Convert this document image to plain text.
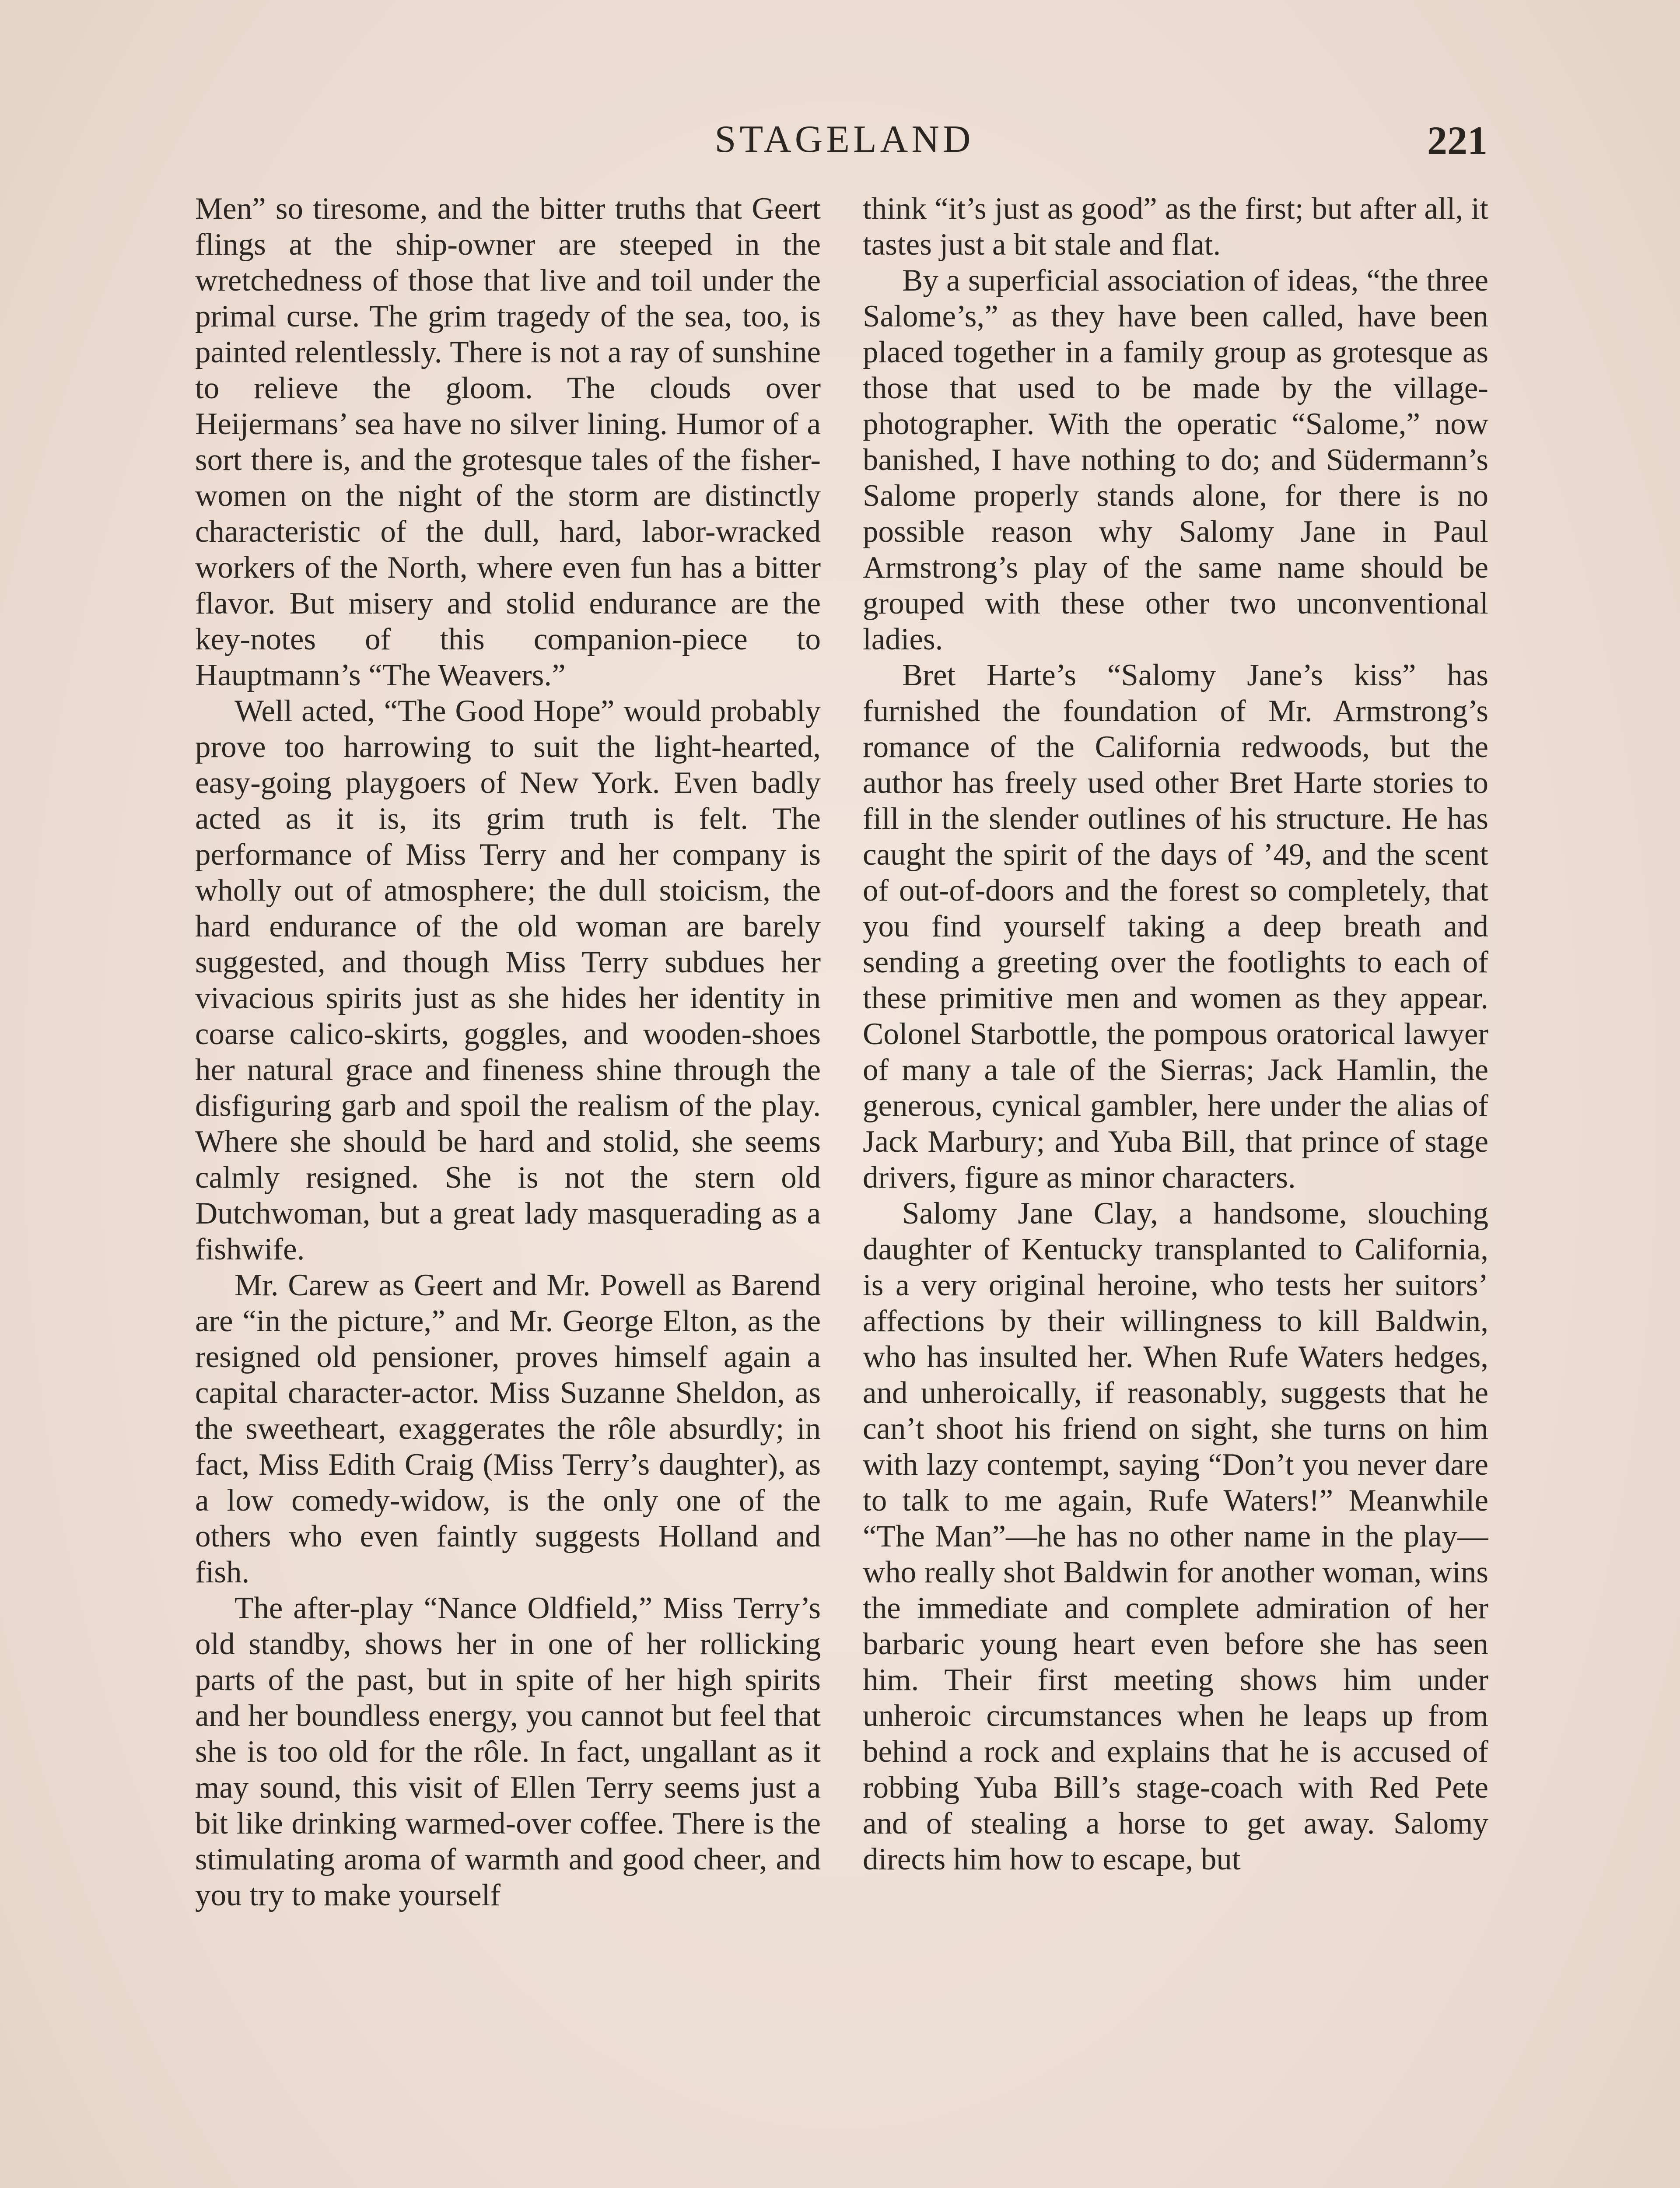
STAGELAND	221

Men” so tiresome, and the bitter truths that Geert flings at the ship-owner are steeped in the wretchedness of those that live and toil under the primal curse. The grim tragedy of the sea, too, is painted relentlessly. There is not a ray of sunshine to relieve the gloom. The clouds over Heijermans’ sea have no silver lining. Humor of a sort there is, and the grotesque tales of the fisher-women on the night of the storm are distinctly characteristic of the dull, hard, labor-wracked workers of the North, where even fun has a bitter flavor. But misery and stolid endurance are the key-notes of this companion-piece to Hauptmann’s “The Weavers.”

Well acted, “The Good Hope” would probably prove too harrowing to suit the light-hearted, easy-going playgoers of New York. Even badly acted as it is, its grim truth is felt. The performance of Miss Terry and her company is wholly out of atmosphere; the dull stoicism, the hard endurance of the old woman are barely suggested, and though Miss Terry subdues her vivacious spirits just as she hides her identity in coarse calico-skirts, goggles, and wooden-shoes her natural grace and fineness shine through the disfiguring garb and spoil the realism of the play. Where she should be hard and stolid, she seems calmly resigned. She is not the stern old Dutchwoman, but a great lady masquerading as a fishwife.

Mr. Carew as Geert and Mr. Powell as Barend are “in the picture,” and Mr. George Elton, as the resigned old pensioner, proves himself again a capital character-actor. Miss Suzanne Sheldon, as the sweetheart, exaggerates the rôle absurdly; in fact, Miss Edith Craig (Miss Terry’s daughter), as a low comedy-widow, is the only one of the others who even faintly suggests Holland and fish.

The after-play “Nance Oldfield,” Miss Terry’s old standby, shows her in one of her rollicking parts of the past, but in spite of her high spirits and her boundless energy, you cannot but feel that she is too old for the rôle. In fact, ungallant as it may sound, this visit of Ellen Terry seems just a bit like drinking warmed-over coffee. There is the stimulating aroma of warmth and good cheer, and you try to make yourself

think “it’s just as good” as the first; but after all, it tastes just a bit stale and flat.

By a superficial association of ideas, “the three Salome’s,” as they have been called, have been placed together in a family group as grotesque as those that used to be made by the village-photographer. With the operatic “Salome,” now banished, I have nothing to do; and Südermann’s Salome properly stands alone, for there is no possible reason why Salomy Jane in Paul Armstrong’s play of the same name should be grouped with these other two unconventional ladies.

Bret Harte’s “Salomy Jane’s kiss” has furnished the foundation of Mr. Armstrong’s romance of the California redwoods, but the author has freely used other Bret Harte stories to fill in the slender outlines of his structure. He has caught the spirit of the days of ’49, and the scent of out-of-doors and the forest so completely, that you find yourself taking a deep breath and sending a greeting over the footlights to each of these primitive men and women as they appear. Colonel Starbottle, the pompous oratorical lawyer of many a tale of the Sierras; Jack Hamlin, the generous, cynical gambler, here under the alias of Jack Marbury; and Yuba Bill, that prince of stage drivers, figure as minor characters.

Salomy Jane Clay, a handsome, slouching daughter of Kentucky transplanted to California, is a very original heroine, who tests her suitors’ affections by their willingness to kill Baldwin, who has insulted her. When Rufe Waters hedges, and unheroically, if reasonably, suggests that he can’t shoot his friend on sight, she turns on him with lazy contempt, saying “Don’t you never dare to talk to me again, Rufe Waters!” Meanwhile “The Man”—he has no other name in the play—who really shot Baldwin for another woman, wins the immediate and complete admiration of her barbaric young heart even before she has seen him. Their first meeting shows him under unheroic circumstances when he leaps up from behind a rock and explains that he is accused of robbing Yuba Bill’s stage-coach with Red Pete and of stealing a horse to get away. Salomy directs him how to escape, but
